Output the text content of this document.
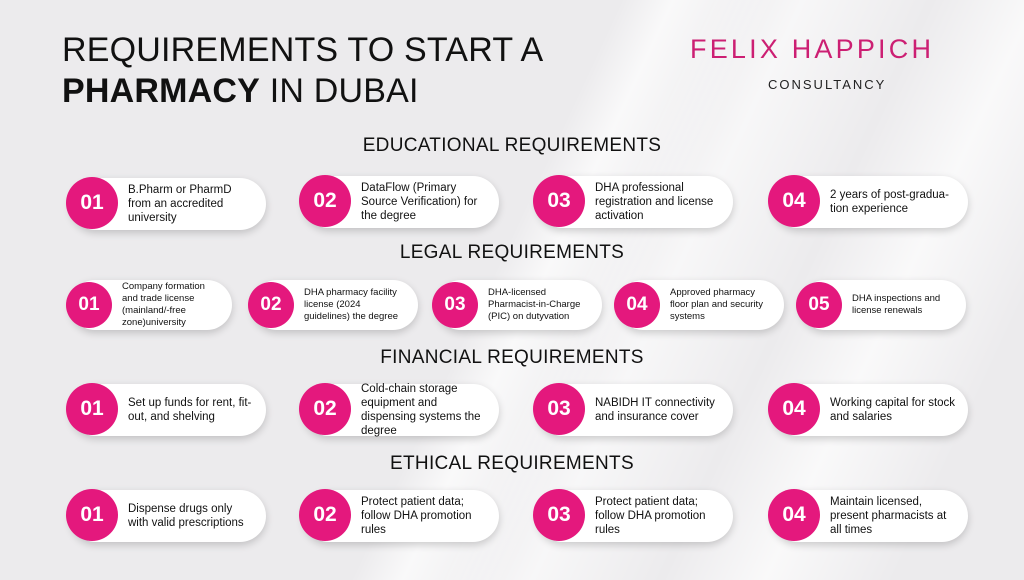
REQUIREMENTS TO START A
PHARMACY IN DUBAI
FELIX HAPPICH
CONSULTANCY
EDUCATIONAL REQUIREMENTS
01
B.Pharm or PharmD from an accredited university
02
DataFlow (Primary Source Verification) for the degree
03
DHA professional registration and license activation
04	2 years of post-gradua-tion experience
LEGAL REQUIREMENTS
01
Company formation and trade license (mainland/-free zone)university
02
DHA pharmacy facility license (2024 guidelines) the degree
03
DHA-licensed Pharmacist-in-Charge (PIC) on dutyvation
04
Approved pharmacy floor plan and security systems
05	DHA inspections and license renewals
FINANCIAL REQUIREMENTS
01	Set up funds for rent, fit-out, and shelving	02
Cold-chain storage equipment and dispensing systems the degree
03	NABIDH IT connectivity and insurance cover	04	Working capital for stock and salaries
ETHICAL REQUIREMENTS
01	Dispense drugs only with valid prescriptions	02
Protect patient data; follow DHA promotion rules
03
Protect patient data; follow DHA promotion rules
04
Maintain licensed, present pharmacists at all times
